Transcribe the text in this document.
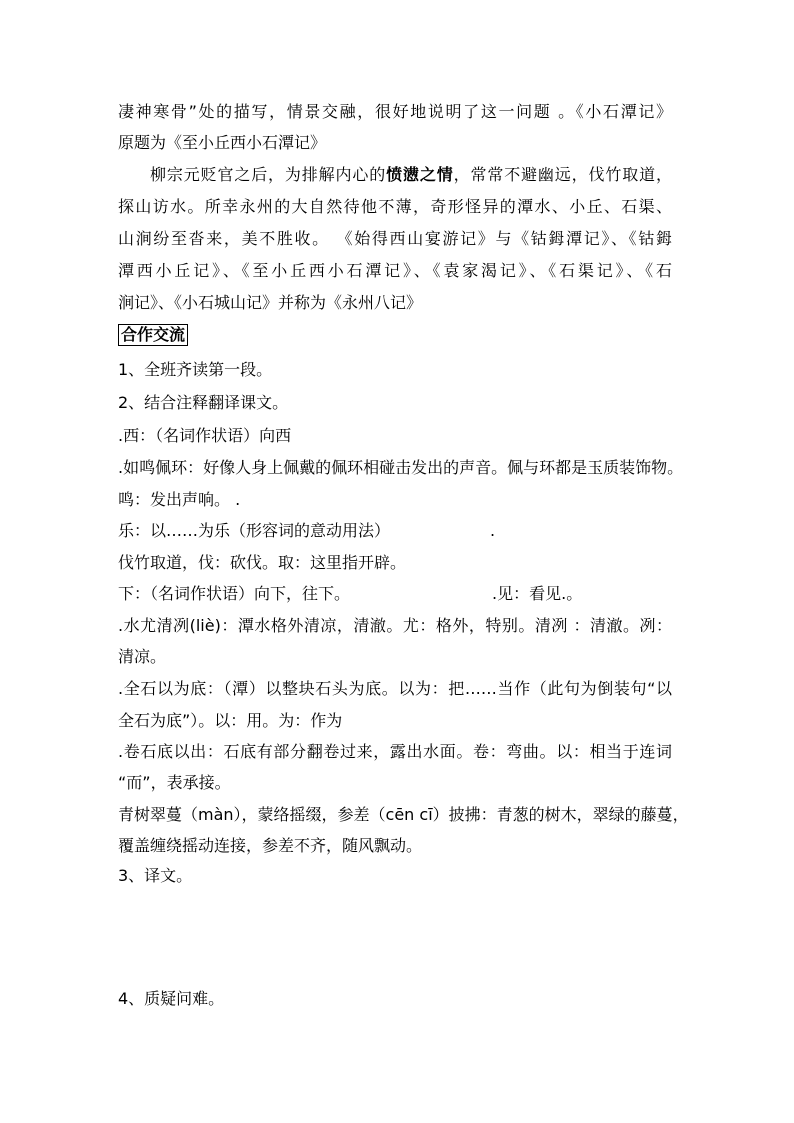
凄神寒骨”处的描写，情景交融，很好地说明了这一问题 。《小石潭记》
原题为《至小丘西小石潭记》
柳宗元贬官之后，为排解内心的愤懑之情，常常不避幽远，伐竹取道，
探山访水。所幸永州的大自然待他不薄，奇形怪异的潭水、小丘、石渠、
山涧纷至沓来，美不胜收。 《始得西山宴游记》与《钴鉧潭记》、《钴鉧
潭西小丘记》、《至小丘西小石潭记》、《袁家渴记》、《石渠记》、《石
涧记》、《小石城山记》并称为《永州八记》
合作交流
1、全班齐读第一段。
2、结合注释翻译课文。
.西：（名词作状语）向西
.如鸣佩环：好像人身上佩戴的佩环相碰击发出的声音。佩与环都是玉质装饰物。
鸣：发出声响。 .
乐：以……为乐（形容词的意动用法）	.
伐竹取道，伐：砍伐。取：这里指开辟。
下：（名词作状语）向下，往下。	.见：看见.。
.水尤清冽(liè)：潭水格外清凉，清澈。尤：格外，特别。清冽 ：清澈。冽：
清凉。
.全石以为底：（潭）以整块石头为底。以为：把……当作（此句为倒装句“以
全石为底”）。以：用。为：作为
.卷石底以出：石底有部分翻卷过来，露出水面。卷：弯曲。以：相当于连词
“而”，表承接。
青树翠蔓（màn），蒙络摇缀，参差（cēn cī）披拂：青葱的树木，翠绿的藤蔓，
覆盖缠绕摇动连接，参差不齐，随风飘动。
3、译文。
4、质疑问难。
